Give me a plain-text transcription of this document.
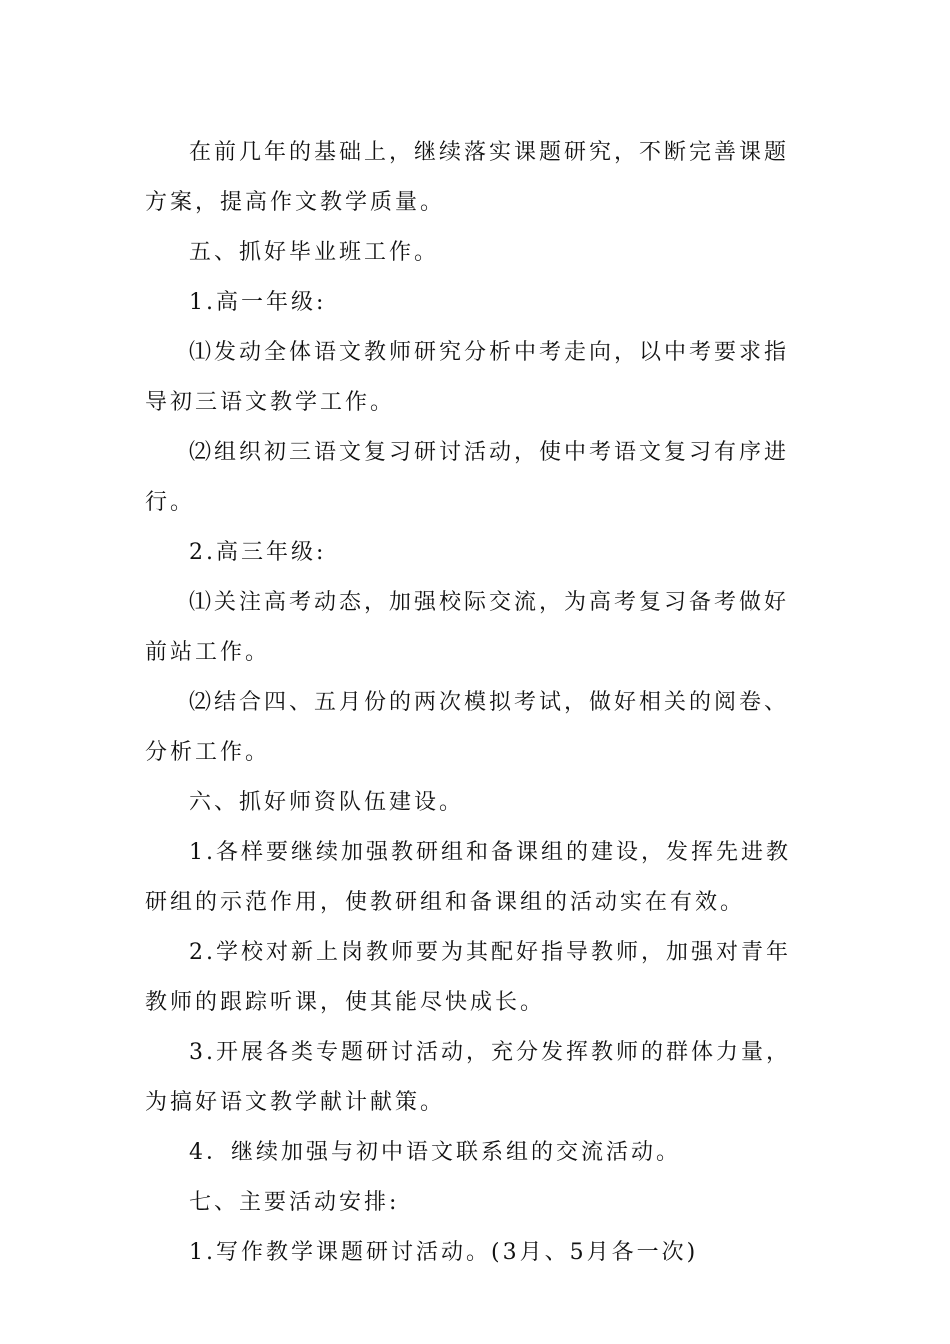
在前几年的基础上，继续落实课题研究，不断完善课题方案，提高作文教学质量。

五、抓好毕业班工作。

1.高一年级:

⑴发动全体语文教师研究分析中考走向，以中考要求指导初三语文教学工作。

⑵组织初三语文复习研讨活动，使中考语文复习有序进行。

2.高三年级:

⑴关注高考动态，加强校际交流，为高考复习备考做好前站工作。

⑵结合四、五月份的两次模拟考试，做好相关的阅卷、分析工作。

六、抓好师资队伍建设。

1.各样要继续加强教研组和备课组的建设，发挥先进教研组的示范作用，使教研组和备课组的活动实在有效。

2.学校对新上岗教师要为其配好指导教师，加强对青年教师的跟踪听课，使其能尽快成长。

3.开展各类专题研讨活动，充分发挥教师的群体力量，为搞好语文教学献计献策。

4．继续加强与初中语文联系组的交流活动。

七、主要活动安排:

1.写作教学课题研讨活动。(3月、5月各一次)
